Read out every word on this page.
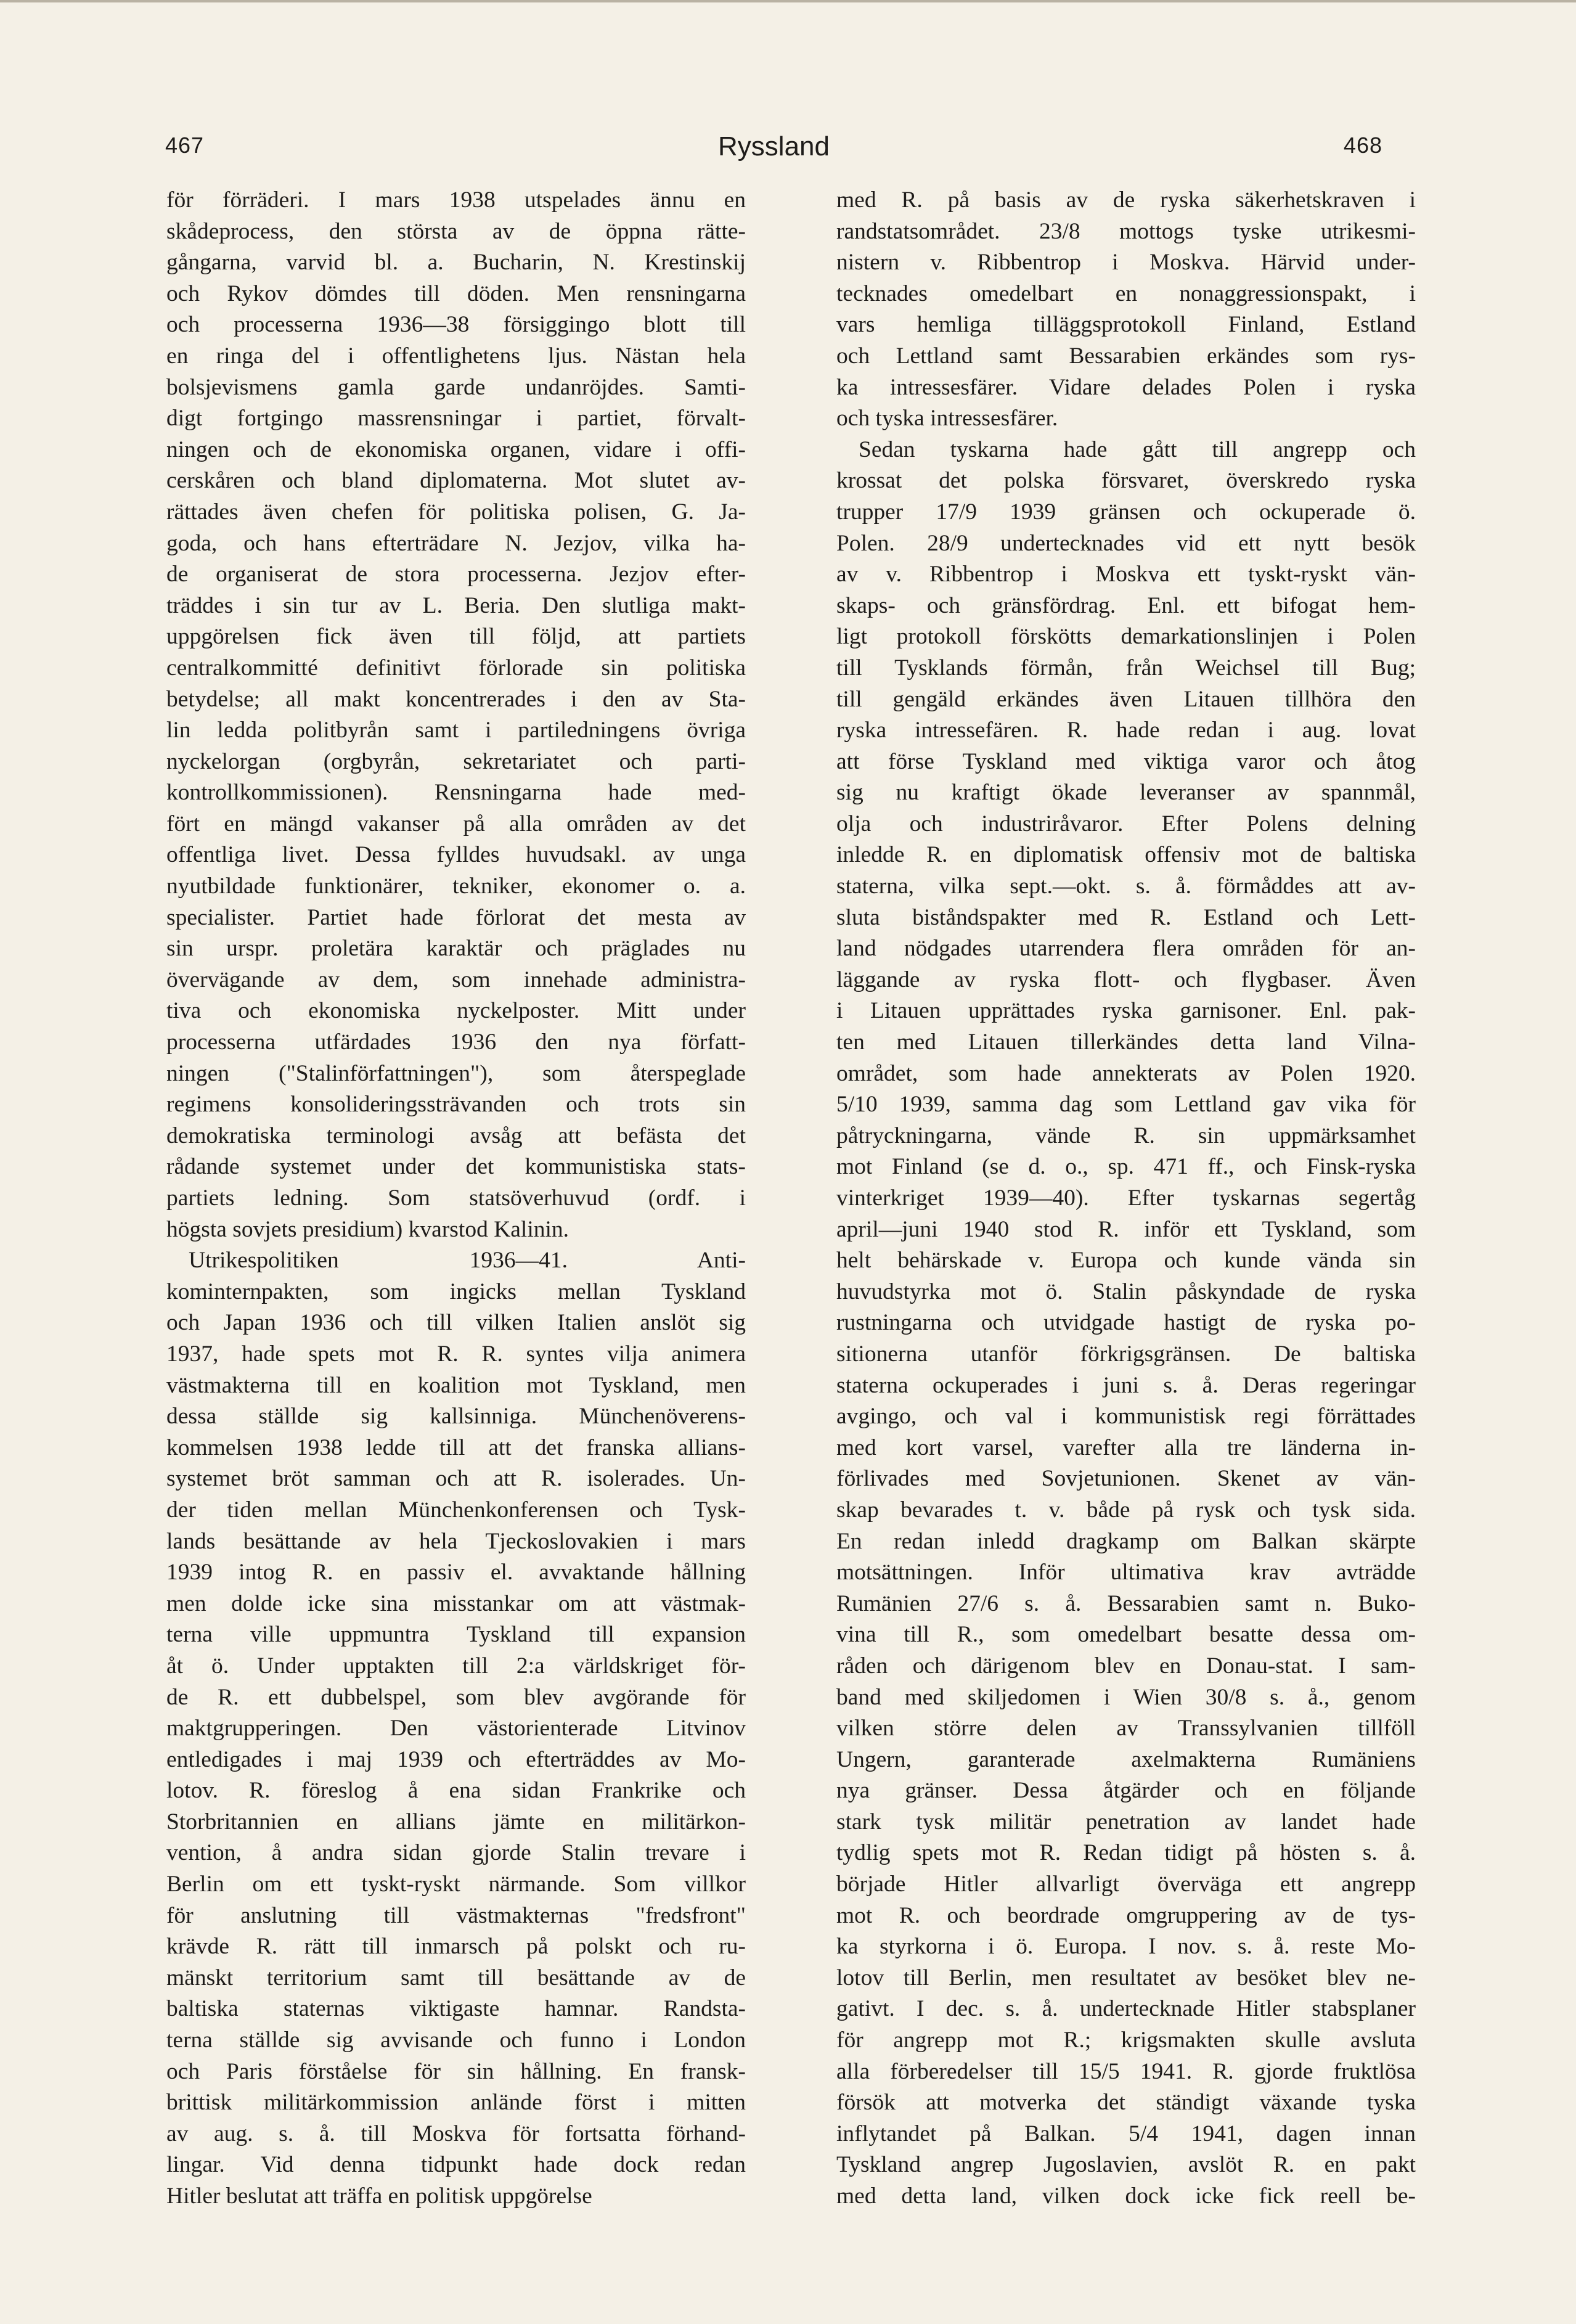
467	Ryssland	468
för förräderi. I mars 1938 utspelades ännu en
skådeprocess, den största av de öppna rätte-
gångarna, varvid bl. a. Bucharin, N. Krestinskij
och Rykov dömdes till döden. Men rensningarna
och processerna 1936—38 försiggingo blott till
en ringa del i offentlighetens ljus. Nästan hela
bolsjevismens gamla garde undanröjdes. Samti-
digt fortgingo massrensningar i partiet, förvalt-
ningen och de ekonomiska organen, vidare i offi-
cerskåren och bland diplomaterna. Mot slutet av-
rättades även chefen för politiska polisen, G. Ja-
goda, och hans efterträdare N. Jezjov, vilka ha-
de organiserat de stora processerna. Jezjov efter-
träddes i sin tur av L. Beria. Den slutliga makt-
uppgörelsen fick även till följd, att partiets
centralkommitté definitivt förlorade sin politiska
betydelse; all makt koncentrerades i den av Sta-
lin ledda politbyrån samt i partiledningens övriga
nyckelorgan (orgbyrån, sekretariatet och parti-
kontrollkommissionen). Rensningarna hade med-
fört en mängd vakanser på alla områden av det
offentliga livet. Dessa fylldes huvudsakl. av unga
nyutbildade funktionärer, tekniker, ekonomer o. a.
specialister. Partiet hade förlorat det mesta av
sin urspr. proletära karaktär och präglades nu
övervägande av dem, som innehade administra-
tiva och ekonomiska nyckelposter. Mitt under
processerna utfärdades 1936 den nya författ-
ningen ("Stalinförfattningen"), som återspeglade
regimens konsolideringssträvanden och trots sin
demokratiska terminologi avsåg att befästa det
rådande systemet under det kommunistiska stats-
partiets ledning. Som statsöverhuvud (ordf. i
högsta sovjets presidium) kvarstod Kalinin.
Utrikespolitiken 1936—41. Anti-
kominternpakten, som ingicks mellan Tyskland
och Japan 1936 och till vilken Italien anslöt sig
1937, hade spets mot R. R. syntes vilja animera
västmakterna till en koalition mot Tyskland, men
dessa ställde sig kallsinniga. Münchenöverens-
kommelsen 1938 ledde till att det franska allians-
systemet bröt samman och att R. isolerades. Un-
der tiden mellan Münchenkonferensen och Tysk-
lands besättande av hela Tjeckoslovakien i mars
1939 intog R. en passiv el. avvaktande hållning
men dolde icke sina misstankar om att västmak-
terna ville uppmuntra Tyskland till expansion
åt ö. Under upptakten till 2:a världskriget för-
de R. ett dubbelspel, som blev avgörande för
maktgrupperingen. Den västorienterade Litvinov
entledigades i maj 1939 och efterträddes av Mo-
lotov. R. föreslog å ena sidan Frankrike och
Storbritannien en allians jämte en militärkon-
vention, å andra sidan gjorde Stalin trevare i
Berlin om ett tyskt-ryskt närmande. Som villkor
för anslutning till västmakternas "fredsfront"
krävde R. rätt till inmarsch på polskt och ru-
mänskt territorium samt till besättande av de
baltiska staternas viktigaste hamnar. Randsta-
terna ställde sig avvisande och funno i London
och Paris förståelse för sin hållning. En fransk-
brittisk militärkommission anlände först i mitten
av aug. s. å. till Moskva för fortsatta förhand-
lingar. Vid denna tidpunkt hade dock redan
Hitler beslutat att träffa en politisk uppgörelse
med R. på basis av de ryska säkerhetskraven i
randstatsområdet. 23/8 mottogs tyske utrikesmi-
nistern v. Ribbentrop i Moskva. Härvid under-
tecknades omedelbart en nonaggressionspakt, i
vars hemliga tilläggsprotokoll Finland, Estland
och Lettland samt Bessarabien erkändes som rys-
ka intressesfärer. Vidare delades Polen i ryska
och tyska intressesfärer.
Sedan tyskarna hade gått till angrepp och
krossat det polska försvaret, överskredo ryska
trupper 17/9 1939 gränsen och ockuperade ö.
Polen. 28/9 undertecknades vid ett nytt besök
av v. Ribbentrop i Moskva ett tyskt-ryskt vän-
skaps- och gränsfördrag. Enl. ett bifogat hem-
ligt protokoll förskötts demarkationslinjen i Polen
till Tysklands förmån, från Weichsel till Bug;
till gengäld erkändes även Litauen tillhöra den
ryska intressefären. R. hade redan i aug. lovat
att förse Tyskland med viktiga varor och åtog
sig nu kraftigt ökade leveranser av spannmål,
olja och industriråvaror. Efter Polens delning
inledde R. en diplomatisk offensiv mot de baltiska
staterna, vilka sept.—okt. s. å. förmåddes att av-
sluta biståndspakter med R. Estland och Lett-
land nödgades utarrendera flera områden för an-
läggande av ryska flott- och flygbaser. Även
i Litauen upprättades ryska garnisoner. Enl. pak-
ten med Litauen tillerkändes detta land Vilna-
området, som hade annekterats av Polen 1920.
5/10 1939, samma dag som Lettland gav vika för
påtryckningarna, vände R. sin uppmärksamhet
mot Finland (se d. o., sp. 471 ff., och Finsk-ryska
vinterkriget 1939—40). Efter tyskarnas segertåg
april—juni 1940 stod R. inför ett Tyskland, som
helt behärskade v. Europa och kunde vända sin
huvudstyrka mot ö. Stalin påskyndade de ryska
rustningarna och utvidgade hastigt de ryska po-
sitionerna utanför förkrigsgränsen. De baltiska
staterna ockuperades i juni s. å. Deras regeringar
avgingo, och val i kommunistisk regi förrättades
med kort varsel, varefter alla tre länderna in-
förlivades med Sovjetunionen. Skenet av vän-
skap bevarades t. v. både på rysk och tysk sida.
En redan inledd dragkamp om Balkan skärpte
motsättningen. Inför ultimativa krav avträdde
Rumänien 27/6 s. å. Bessarabien samt n. Buko-
vina till R., som omedelbart besatte dessa om-
råden och därigenom blev en Donau-stat. I sam-
band med skiljedomen i Wien 30/8 s. å., genom
vilken större delen av Transsylvanien tillföll
Ungern, garanterade axelmakterna Rumäniens
nya gränser. Dessa åtgärder och en följande
stark tysk militär penetration av landet hade
tydlig spets mot R. Redan tidigt på hösten s. å.
började Hitler allvarligt överväga ett angrepp
mot R. och beordrade omgruppering av de tys-
ka styrkorna i ö. Europa. I nov. s. å. reste Mo-
lotov till Berlin, men resultatet av besöket blev ne-
gativt. I dec. s. å. undertecknade Hitler stabsplaner
för angrepp mot R.; krigsmakten skulle avsluta
alla förberedelser till 15/5 1941. R. gjorde fruktlösa
försök att motverka det ständigt växande tyska
inflytandet på Balkan. 5/4 1941, dagen innan
Tyskland angrep Jugoslavien, avslöt R. en pakt
med detta land, vilken dock icke fick reell be-
